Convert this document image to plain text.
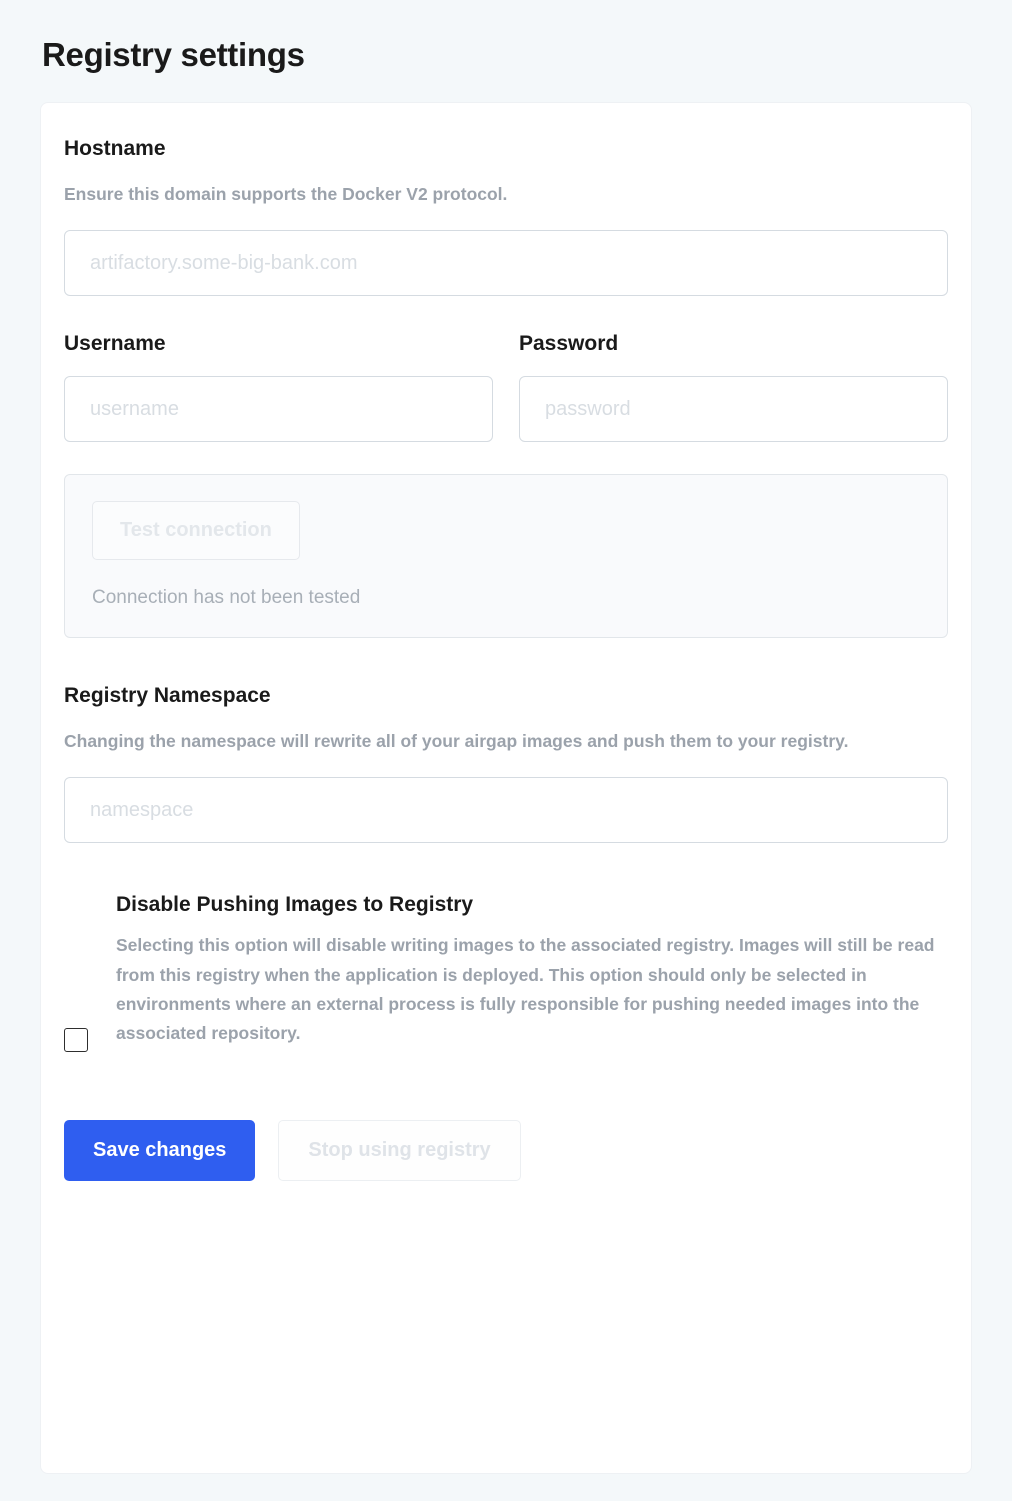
Registry settings
Hostname
Ensure this domain supports the Docker V2 protocol.
artifactory.some-big-bank.com
Username
username	Password
Test connection
Connection has not been tested
Registry Namespace
Changing the namespace will rewrite all of your airgap images and push them to your registry.
namespace
Disable Pushing Images to Registry
Selecting this option will disable writing images to the associated registry. Images will still be read from this registry when the application is deployed. This option should only be selected in environments where an external process is fully responsible for pushing needed images into the associated repository.
Save changes	Stop using registry
